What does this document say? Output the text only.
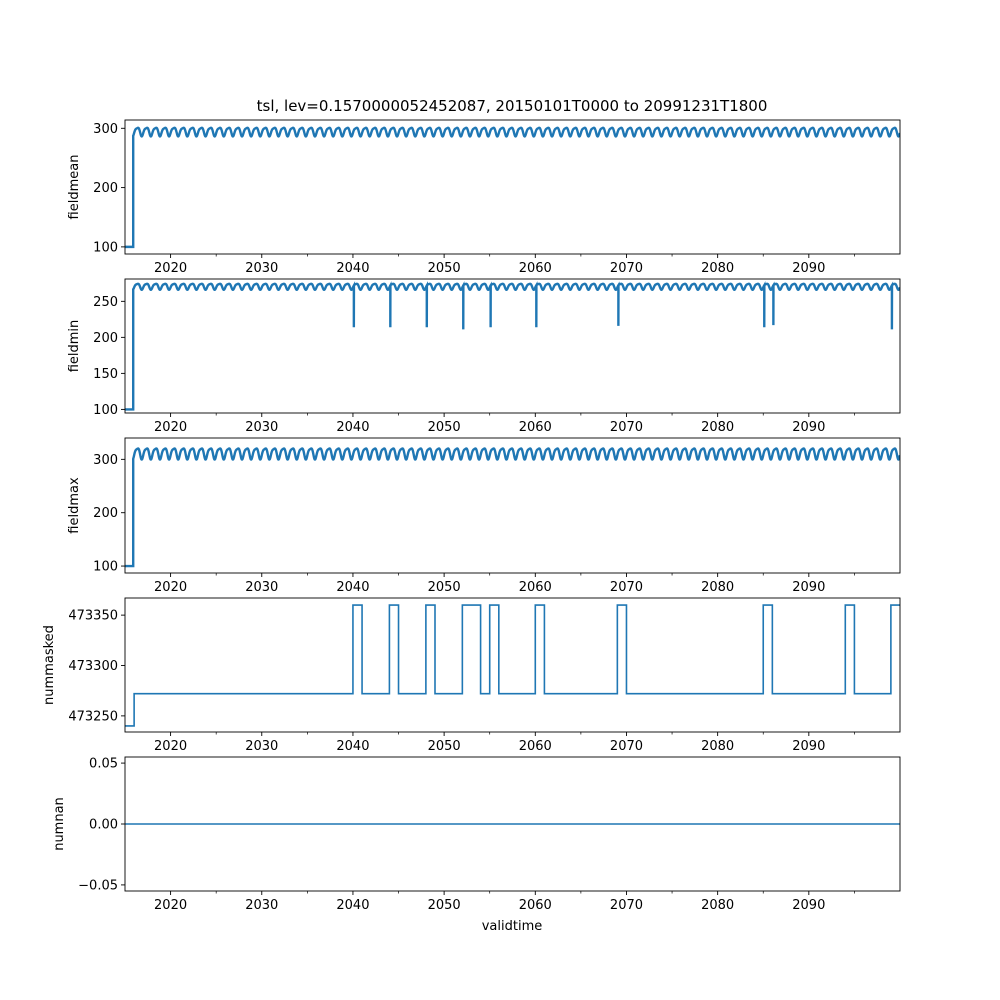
tsl, lev=0.1570000052452087, 20150101T0000 to 20991231T1800
validtime
100
200
300
2020	2030	2040	2050	2060	2070	2080	2090
fieldmean
100
150
200
250
2020	2030	2040	2050	2060	2070	2080	2090
fieldmin
100
200
300
2020	2030	2040	2050	2060	2070	2080	2090
fieldmax
473250
473300
473350
2020	2030	2040	2050	2060	2070	2080	2090
nummasked
−0.05
0.00
0.05
2020	2030	2040	2050	2060	2070	2080	2090
numnan
